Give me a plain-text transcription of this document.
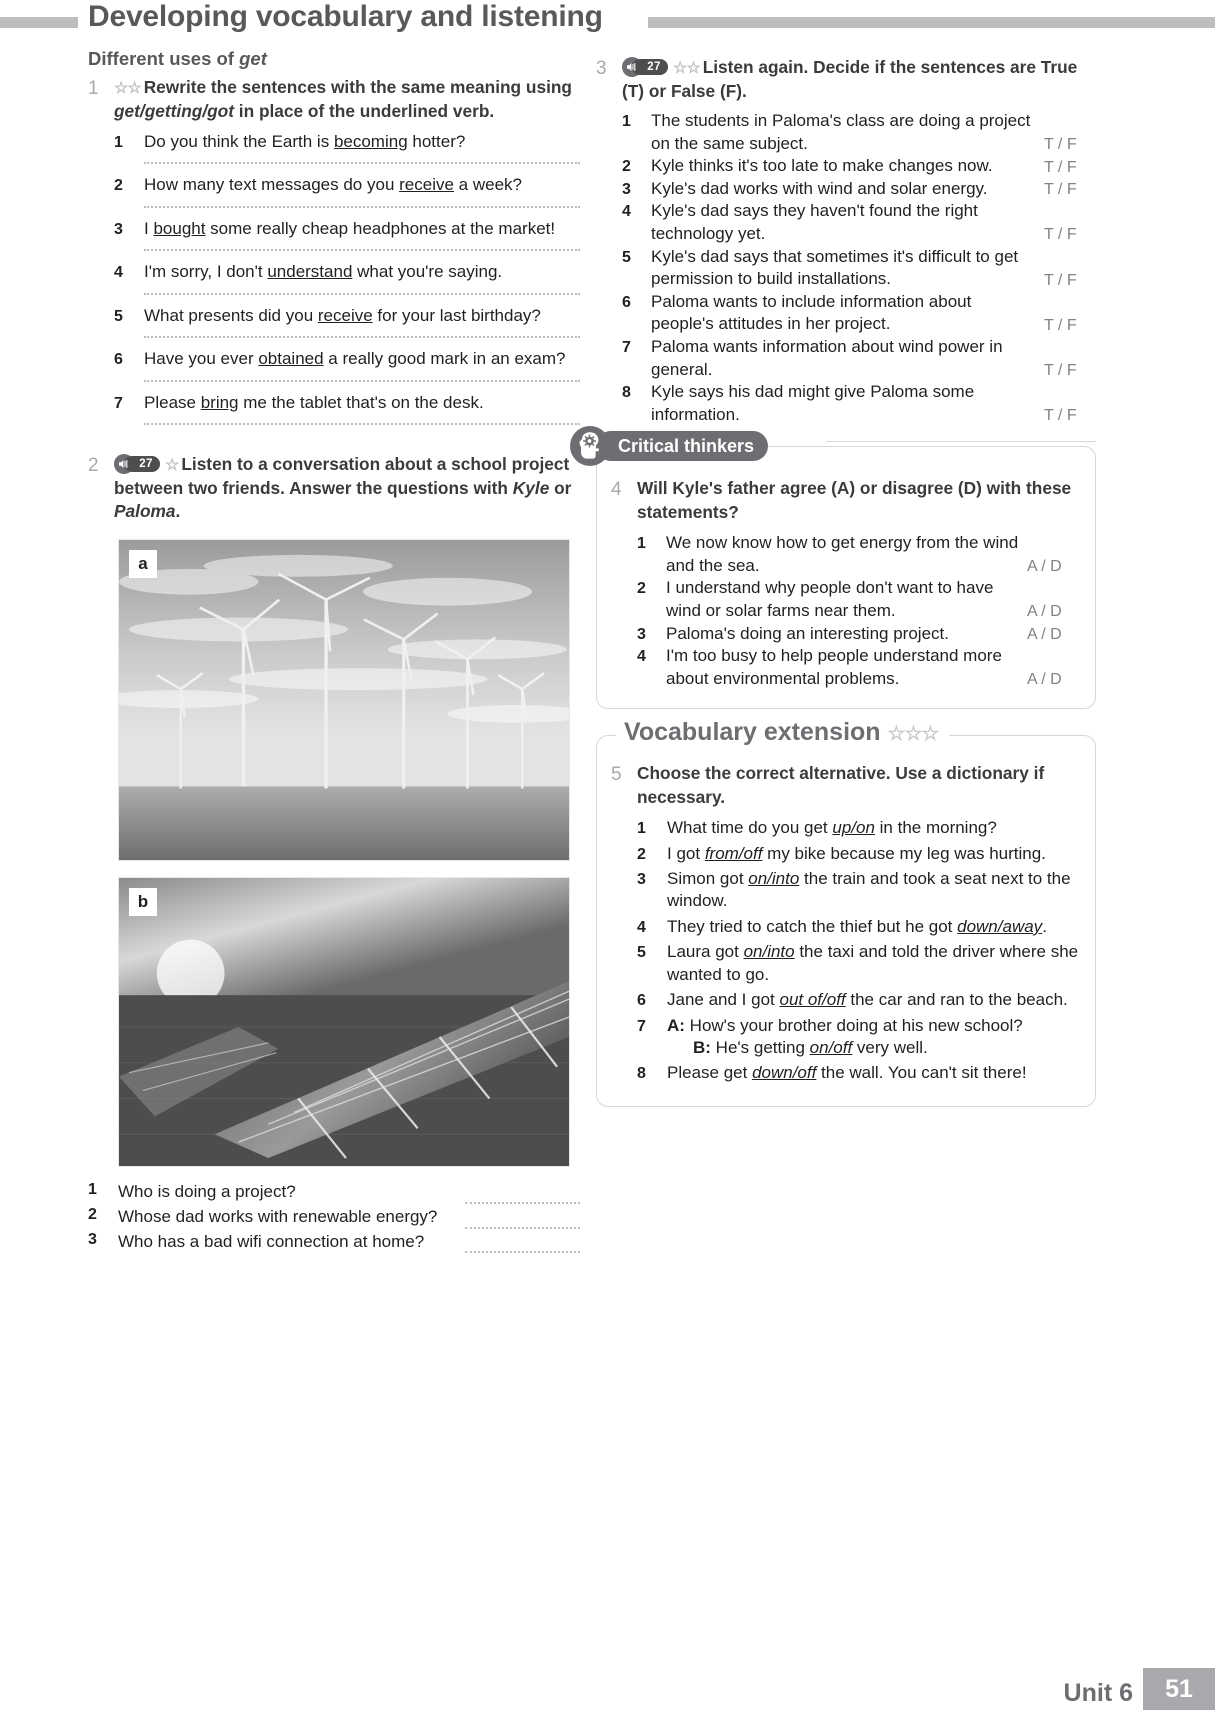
Developing vocabulary and listening
Different uses of get
1 ☆☆ Rewrite the sentences with the same meaning using get/getting/got in place of the underlined verb.
1	Do you think the Earth is becoming hotter?
2	How many text messages do you receive a week?
3	I bought some really cheap headphones at the market!
4	I'm sorry, I don't understand what you're saying.
5	What presents did you receive for your last birthday?
6	Have you ever obtained a really good mark in an exam?
7	Please bring me the tablet that's on the desk.
2	27 ☆ Listen to a conversation about a school project between two friends. Answer the questions with Kyle or Paloma.
a
b
1	Who is doing a project?
2	Whose dad works with renewable energy?
3	Who has a bad wifi connection at home?
3	27 ☆☆ Listen again. Decide if the sentences are True (T) or False (F).
1	The students in Paloma's class are doing a project on the same subject.	T / F
2	Kyle thinks it's too late to make changes now.	T / F
3	Kyle's dad works with wind and solar energy.	T / F
4	Kyle's dad says they haven't found the right technology yet.	T / F
5	Kyle's dad says that sometimes it's difficult to get permission to build installations.	T / F
6	Paloma wants to include information about people's attitudes in her project.	T / F
7	Paloma wants information about wind power in general.	T / F
8	Kyle says his dad might give Paloma some information.	T / F
Critical thinkers
4 Will Kyle's father agree (A) or disagree (D) with these statements?
1	We now know how to get energy from the wind and the sea.	A / D
2	I understand why people don't want to have wind or solar farms near them.	A / D
3	Paloma's doing an interesting project.	A / D
4	I'm too busy to help people understand more about environmental problems.	A / D
Vocabulary extension ☆☆☆
5 Choose the correct alternative. Use a dictionary if necessary.
1	What time do you get up/on in the morning?
2	I got from/off my bike because my leg was hurting.
3	Simon got on/into the train and took a seat next to the window.
4	They tried to catch the thief but he got down/away.
5	Laura got on/into the taxi and told the driver where she wanted to go.
6	Jane and I got out of/off the car and ran to the beach.
7	A: How's your brother doing at his new school?
B: He's getting on/off very well.
8	Please get down/off the wall. You can't sit there!
Unit 6	51
